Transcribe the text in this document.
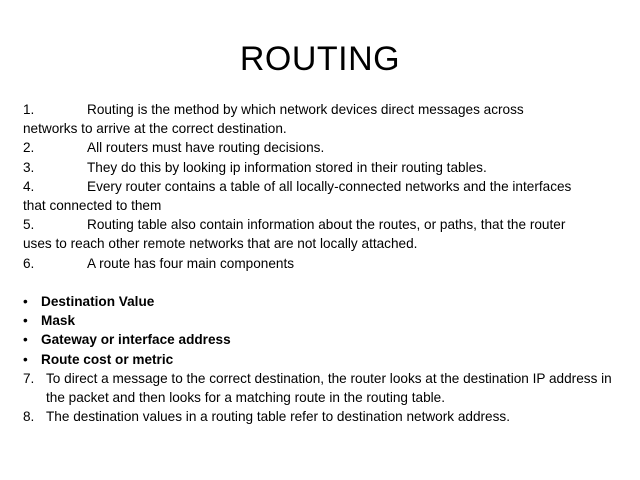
ROUTING
1.	Routing is the method by which network devices direct messages across
networks to arrive at the correct destination.
2.	All routers must have routing decisions.
3.	They do this by looking ip information stored in their routing tables.
4.	Every router contains a table of all locally-connected networks and the interfaces
that connected to them
5.	Routing table also contain information about the routes, or paths, that the router
uses to reach other remote networks that are not locally attached.
6.	A route has four main components
• Destination Value
• Mask
• Gateway or interface address
• Route cost or metric
7. To direct a message to the correct destination, the router looks at the destination IP address in the packet and then looks for a matching route in the routing table.
8. The destination values in a routing table refer to destination network address.
